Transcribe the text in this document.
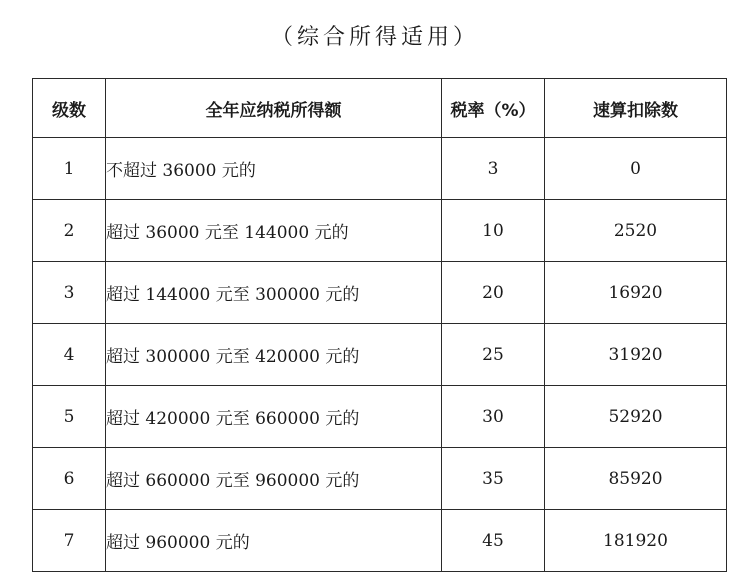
（综合所得适用）
级数	全年应纳税所得额	税率（%）	速算扣除数
1	不超过 36000 元的	3	0
2	超过 36000 元至 144000 元的	10	2520
3	超过 144000 元至 300000 元的	20	16920
4	超过 300000 元至 420000 元的	25	31920
5	超过 420000 元至 660000 元的	30	52920
6	超过 660000 元至 960000 元的	35	85920
7	超过 960000 元的	45	181920
